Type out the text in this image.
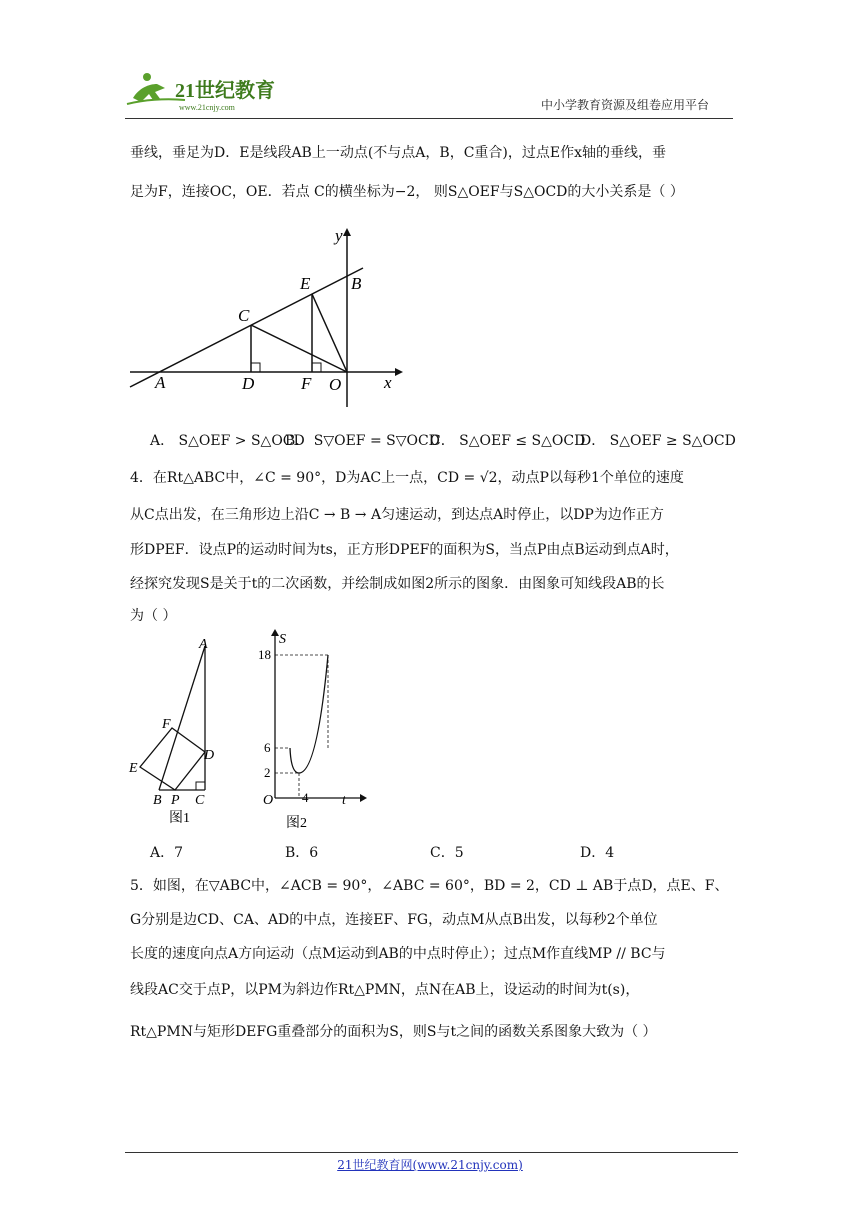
21世纪教育
www.21cnjy.com	中小学教育资源及组卷应用平台
垂线，垂足为D．E是线段AB上一动点(不与点A，B，C重合)，过点E作x轴的垂线，垂
足为F，连接OC，OE．若点 C的横坐标为−2， 则S△OEF与S△OCD的大小关系是（ ）
y
x
A
B
C
D
E
F O
A． S△OEF > S△OCD
B． S▽OEF = S▽OCD
C． S△OEF ≤ S△OCD
D． S△OEF ≥ S△OCD
4．在Rt△ABC中，∠C = 90°，D为AC上一点，CD = √2，动点P以每秒1个单位的速度
从C点出发，在三角形边上沿C → B → A匀速运动，到达点A时停止，以DP为边作正方
形DPEF．设点P的运动时间为ts，正方形DPEF的面积为S，当点P由点B运动到点A时，
经探究发现S是关于t的二次函数，并绘制成如图2所示的图象．由图象可知线段AB的长
为（ ）
A
F
D
E
B P C
图1
S
18
6
2
O 4 t
图2
A．7	B．6	C．5	D．4
5．如图，在▽ABC中，∠ACB = 90°，∠ABC = 60°，BD = 2，CD ⊥ AB于点D，点E、F、
G分别是边CD、CA、AD的中点，连接EF、FG，动点M从点B出发，以每秒2个单位
长度的速度向点A方向运动（点M运动到AB的中点时停止）；过点M作直线MP // BC与
线段AC交于点P，以PM为斜边作Rt△PMN，点N在AB上，设运动的时间为t(s)，
Rt△PMN与矩形DEFG重叠部分的面积为S，则S与t之间的函数关系图象大致为（ ）
21世纪教育网(www.21cnjy.com)
